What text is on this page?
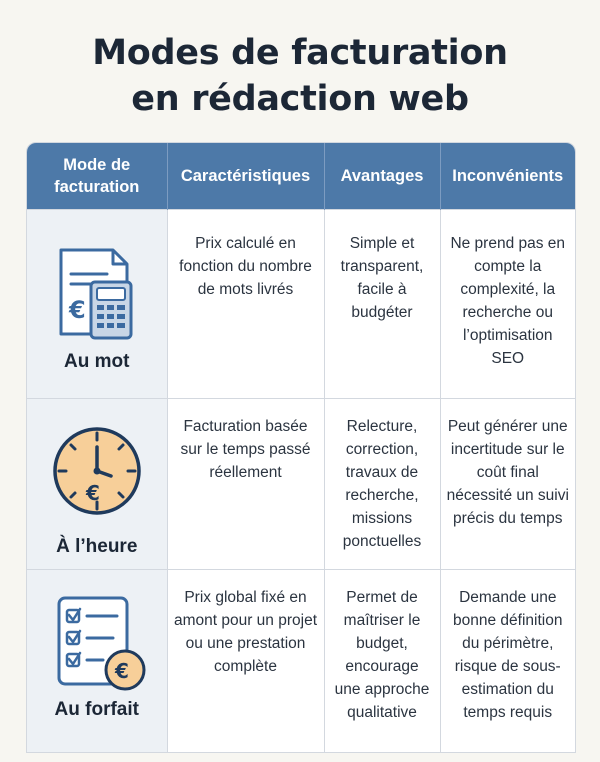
Modes de facturation
en rédaction web
Mode de facturation	Caractéristiques	Avantages	Inconvénients

€
Au mot	Prix calculé en fonction du nombre de mots livrés	Simple et transparent, facile à budgéter	Ne prend pas en compte la complexité, la recherche ou l’optimisation SEO

€
À l’heure	Facturation basée sur le temps passé réellement	Relecture, correction, travaux de recherche, missions ponctuelles	Peut générer une incertitude sur le coût final nécessité un suivi précis du temps

€
Au forfait	Prix global fixé en amont pour un projet ou une prestation complète	Permet de maîtriser le budget, encourage une approche qualitative	Demande une bonne définition du périmètre, risque de sous-estimation du temps requis
